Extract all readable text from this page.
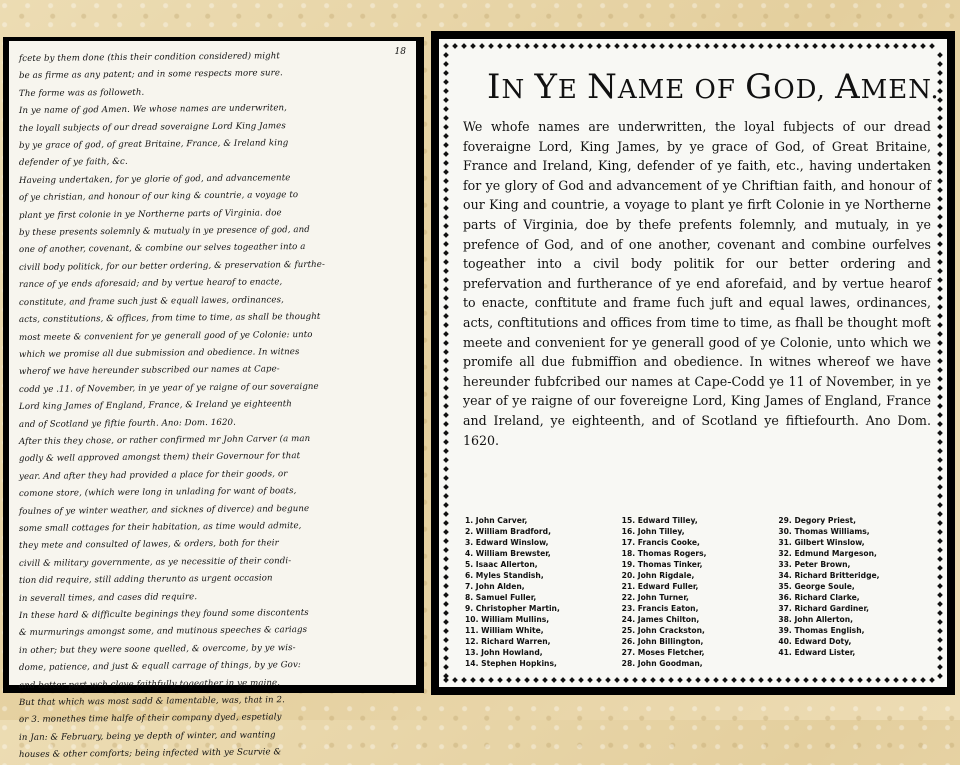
18
fcete by them done (this their condition considered) might
be as firme as any patent; and in some respects more sure.
The forme was as followeth.
In ye name of god Amen. We whose names are underwriten,
the loyall subjects of our dread soveraigne Lord King James
by ye grace of god, of great Britaine, France, & Ireland king
defender of ye faith, &c.
Haveing undertaken, for ye glorie of god, and advancemente
of ye christian, and honour of our king & countrie, a voyage to
plant ye first colonie in ye Northerne parts of Virginia. doe
by these presents solemnly & mutualy in ye presence of god, and
one of another, covenant, & combine our selves togeather into a
civill body politick, for our better ordering, & preservation & furthe-
rance of ye ends aforesaid; and by vertue hearof to enacte,
constitute, and frame such just & equall lawes, ordinances,
acts, constitutions, & offices, from time to time, as shall be thought
most meete & convenient for ye generall good of ye Colonie: unto
which we promise all due submission and obedience. In witnes
wherof we have hereunder subscribed our names at Cape-
codd ye .11. of November, in ye year of ye raigne of our soveraigne
Lord king James of England, France, & Ireland ye eighteenth
and of Scotland ye fiftie fourth. Ano: Dom. 1620.
After this they chose, or rather confirmed mr John Carver (a man
godly & well approved amongst them) their Governour for that
year. And after they had provided a place for their goods, or
comone store, (which were long in unlading for want of boats,
foulnes of ye winter weather, and sicknes of diverce) and begune
some small cottages for their habitation, as time would admite,
they mete and consulted of lawes, & orders, both for their
civill & military governmente, as ye necessitie of their condi-
tion did require, still adding therunto as urgent occasion
in severall times, and cases did require.
In these hard & difficulte beginings they found some discontents
& murmurings amongst some, and mutinous speeches & cariags
in other; but they were soone quelled, & overcome, by ye wis-
dome, patience, and just & equall carrage of things, by ye Gov:
and better part wch clave faithfully togeather in ye maine.
But that which was most sadd & lamentable, was, that in 2.
or 3. monethes time halfe of their company dyed, espetialy
in Jan: & February, being ye depth of winter, and wanting
houses & other comforts; being infected with ye Scurvie &
IN YE NAME OF GOD, AMEN.
We whofe names are underwritten, the loyal fubjects of our dread foveraigne Lord, King James, by ye grace of God, of Great Britaine, France and Ireland, King, defender of ye faith, etc., having undertaken for ye glory of God and advancement of ye Chriftian faith, and honour of our King and countrie, a voyage to plant ye firft Colonie in ye Northerne parts of Virginia, doe by thefe prefents folemnly, and mutualy, in ye prefence of God, and of one another, covenant and combine ourfelves togeather into a civil body politik for our better ordering and prefervation and furtherance of ye end aforefaid, and by vertue hearof to enacte, conftitute and frame fuch juft and equal lawes, ordinances, acts, conftitutions and offices from time to time, as fhall be thought moft meete and convenient for ye generall good of ye Colonie, unto which we promife all due fubmiffion and obedience. In witnes whereof we have hereunder fubfcribed our names at Cape-Codd ye 11 of November, in ye year of ye raigne of our fovereigne Lord, King James of England, France and Ireland, ye eighteenth, and of Scotland ye fiftiefourth. Ano Dom. 1620.
1. John Carver,
2. William Bradford,
3. Edward Winslow,
4. William Brewster,
5. Isaac Allerton,
6. Myles Standish,
7. John Alden,
8. Samuel Fuller,
9. Christopher Martin,
10. William Mullins,
11. William White,
12. Richard Warren,
13. John Howland,
14. Stephen Hopkins,
15. Edward Tilley,
16. John Tilley,
17. Francis Cooke,
18. Thomas Rogers,
19. Thomas Tinker,
20. John Rigdale,
21. Edward Fuller,
22. John Turner,
23. Francis Eaton,
24. James Chilton,
25. John Crackston,
26. John Billington,
27. Moses Fletcher,
28. John Goodman,
29. Degory Priest,
30. Thomas Williams,
31. Gilbert Winslow,
32. Edmund Margeson,
33. Peter Brown,
34. Richard Britteridge,
35. George Soule,
36. Richard Clarke,
37. Richard Gardiner,
38. John Allerton,
39. Thomas English,
40. Edward Doty,
41. Edward Lister,
